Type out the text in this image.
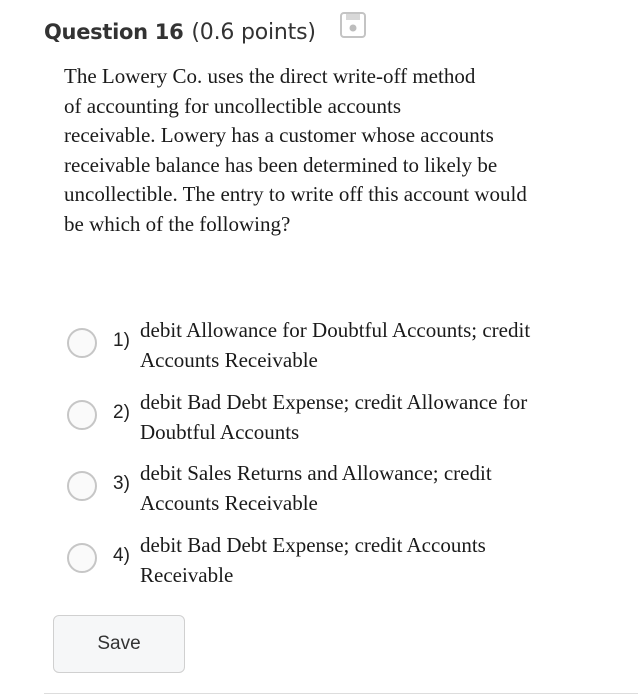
Question 16 (0.6 points)
The Lowery Co. uses the direct write-off method
of accounting for uncollectible accounts
receivable. Lowery has a customer whose accounts
receivable balance has been determined to likely be
uncollectible. The entry to write off this account would
be which of the following?
1) debit Allowance for Doubtful Accounts; credit
Accounts Receivable
2) debit Bad Debt Expense; credit Allowance for
Doubtful Accounts
3) debit Sales Returns and Allowance; credit
Accounts Receivable
4) debit Bad Debt Expense; credit Accounts
Receivable
Save
